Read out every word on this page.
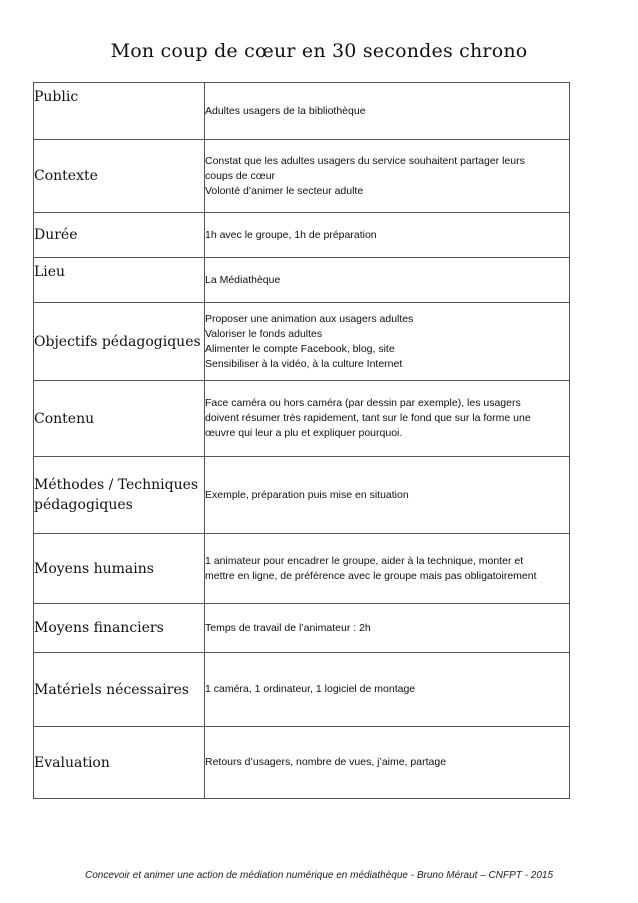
Mon coup de cœur en 30 secondes chrono
Public	Adultes usagers de la bibliothèque

Contexte	Constat que les adultes usagers du service souhaitent partager leurs
coups de cœur
Volonté d’animer le secteur adulte

Durée	1h avec le groupe, 1h de préparation

Lieu	La Médiathèque

Objectifs pédagogiques	Proposer une animation aux usagers adultes
Valoriser le fonds adultes
Alimenter le compte Facebook, blog, site
Sensibiliser à la vidéo, à la culture Internet

Contenu	Face caméra ou hors caméra (par dessin par exemple), les usagers
doivent résumer très rapidement, tant sur le fond que sur la forme une
œuvre qui leur a plu et expliquer pourquoi.

Méthodes / Techniques pédagogiques	Exemple, préparation puis mise en situation

Moyens humains	1 animateur pour encadrer le groupe, aider à la technique, monter et
mettre en ligne, de préférence avec le groupe mais pas obligatoirement

Moyens financiers	Temps de travail de l’animateur : 2h

Matériels nécessaires	1 caméra, 1 ordinateur, 1 logiciel de montage

Evaluation	Retours d’usagers, nombre de vues, j’aime, partage
Concevoir et animer une action de médiation numérique en médiathèque - Bruno Méraut – CNFPT - 2015
